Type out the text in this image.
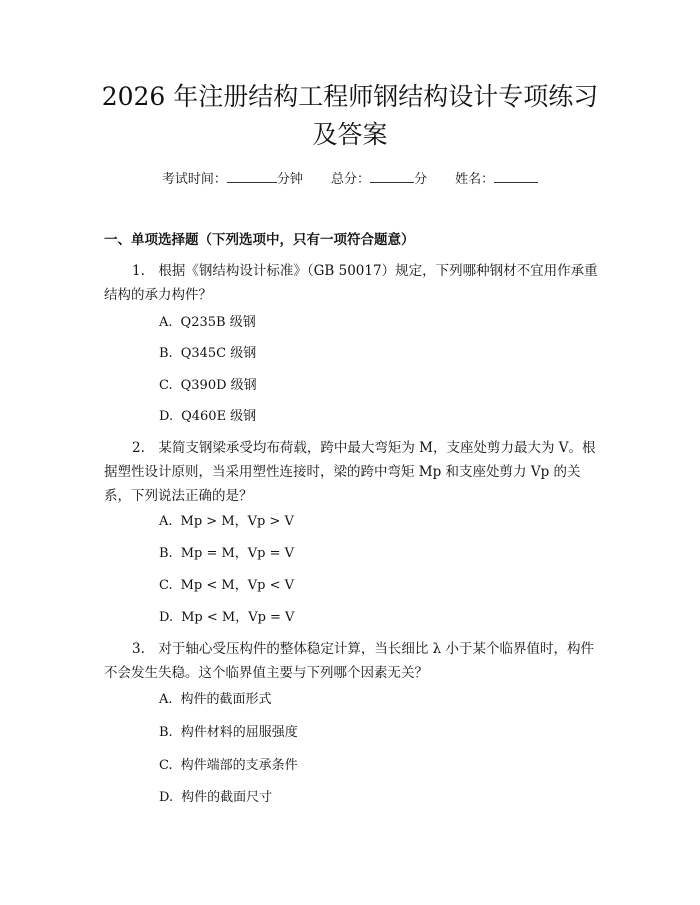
2026 年注册结构工程师钢结构设计专项练习
及答案
考试时间：	分钟 总分：	分 姓名：
一、单项选择题（下列选项中，只有一项符合题意）

1.　根据《钢结构设计标准》（GB 50017）规定，下列哪种钢材不宜用作承重结构的承力构件？

A. Q235B 级钢
B. Q345C 级钢
C. Q390D 级钢
D. Q460E 级钢

2.　某简支钢梁承受均布荷载，跨中最大弯矩为 M，支座处剪力最大为 V。根据塑性设计原则，当采用塑性连接时，梁的跨中弯矩 Mp 和支座处剪力 Vp 的关系，下列说法正确的是？

A. Mp > M，Vp > V
B. Mp = M，Vp = V
C. Mp < M，Vp < V
D. Mp < M，Vp = V

3.　对于轴心受压构件的整体稳定计算，当长细比 λ 小于某个临界值时，构件不会发生失稳。这个临界值主要与下列哪个因素无关？

A. 构件的截面形式
B. 构件材料的屈服强度
C. 构件端部的支承条件
D. 构件的截面尺寸
